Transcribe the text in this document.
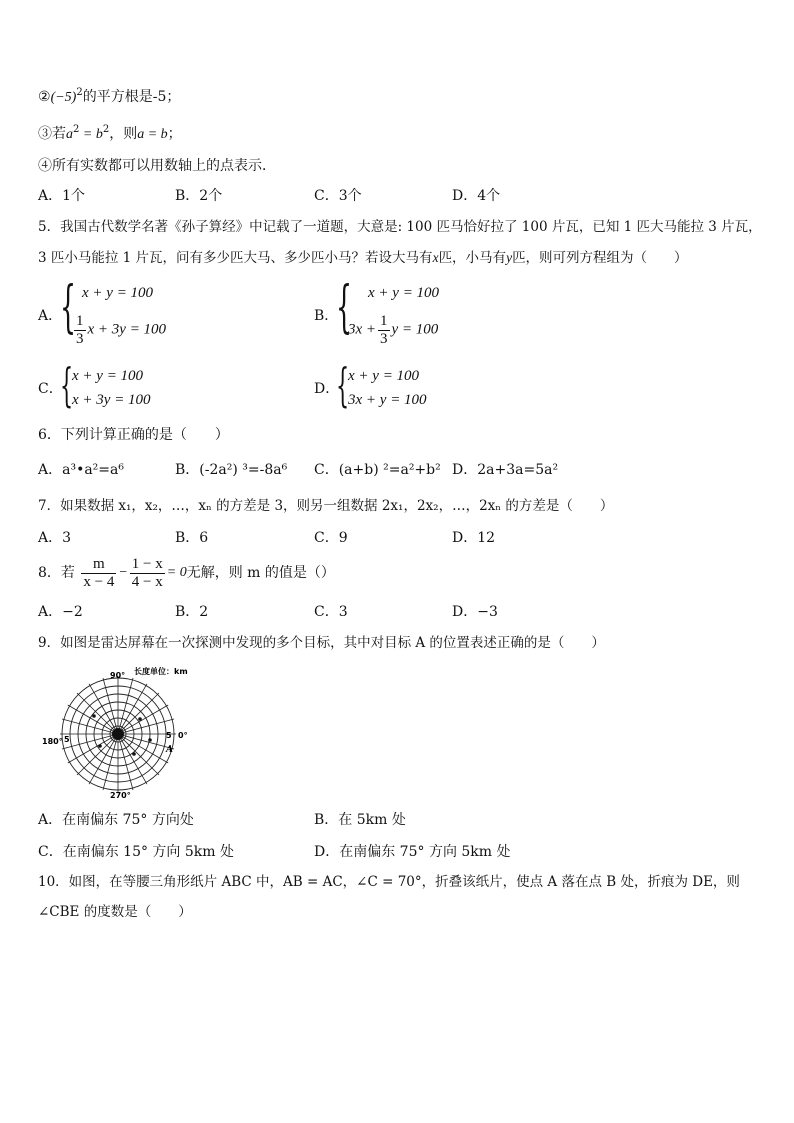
$②(-5)^2$的平方根是-5；
③若$a^2 = b^2$，则a = b；
④所有实数都可以用数轴上的点表示．
A．1个	B．2个	C．3个	D．4个
5．我国古代数学名著《孙子算经》中记载了一道题，大意是: 100 匹马恰好拉了 100 片瓦，已知 1 匹大马能拉 3 片瓦，
3 匹小马能拉 1 片瓦，问有多少匹大马、多少匹小马？若设大马有x匹，小马有y匹，则可列方程组为（　　）
A．
{ x + y = 100
$\frac{1}{3}$ x + 3y = 100
B．
{ x + y = 100
$3x + \frac{1}{3}$ y = 100
C．
{
x + y = 100
x + 3y = 100
D．
{
x + y = 100
3x + y = 100
6．下列计算正确的是（　　）
A．a³•a²=a⁶	B．(-2a²) ³=-8a⁶ C．(a+b) ²=a²+b² D．2a+3a=5a²
7．如果数据 x₁，x₂，…，xₙ 的方差是 3，则另一组数据 2x₁，2x₂，…，2xₙ 的方差是（　　）
A．3	B．6	C．9	D．12
8．若 $\frac{m}{x - 4} - \frac{1 - x}{4 - x} = 0$无解，则 m 的值是（）
A．−2	B．2	C．3	D．−3
9．如图是雷达屏幕在一次探测中发现的多个目标，其中对目标 A 的位置表述正确的是（　　）
长度单位：km
90°
180°
0°
270°
5	5
A
A．在南偏东 75° 方向处	B．在 5km 处
C．在南偏东 15° 方向 5km 处	D．在南偏东 75° 方向 5km 处
10．如图，在等腰三角形纸片 ABC 中，AB = AC，∠C = 70°，折叠该纸片，使点 A 落在点 B 处，折痕为 DE，则
∠CBE 的度数是（　　）
